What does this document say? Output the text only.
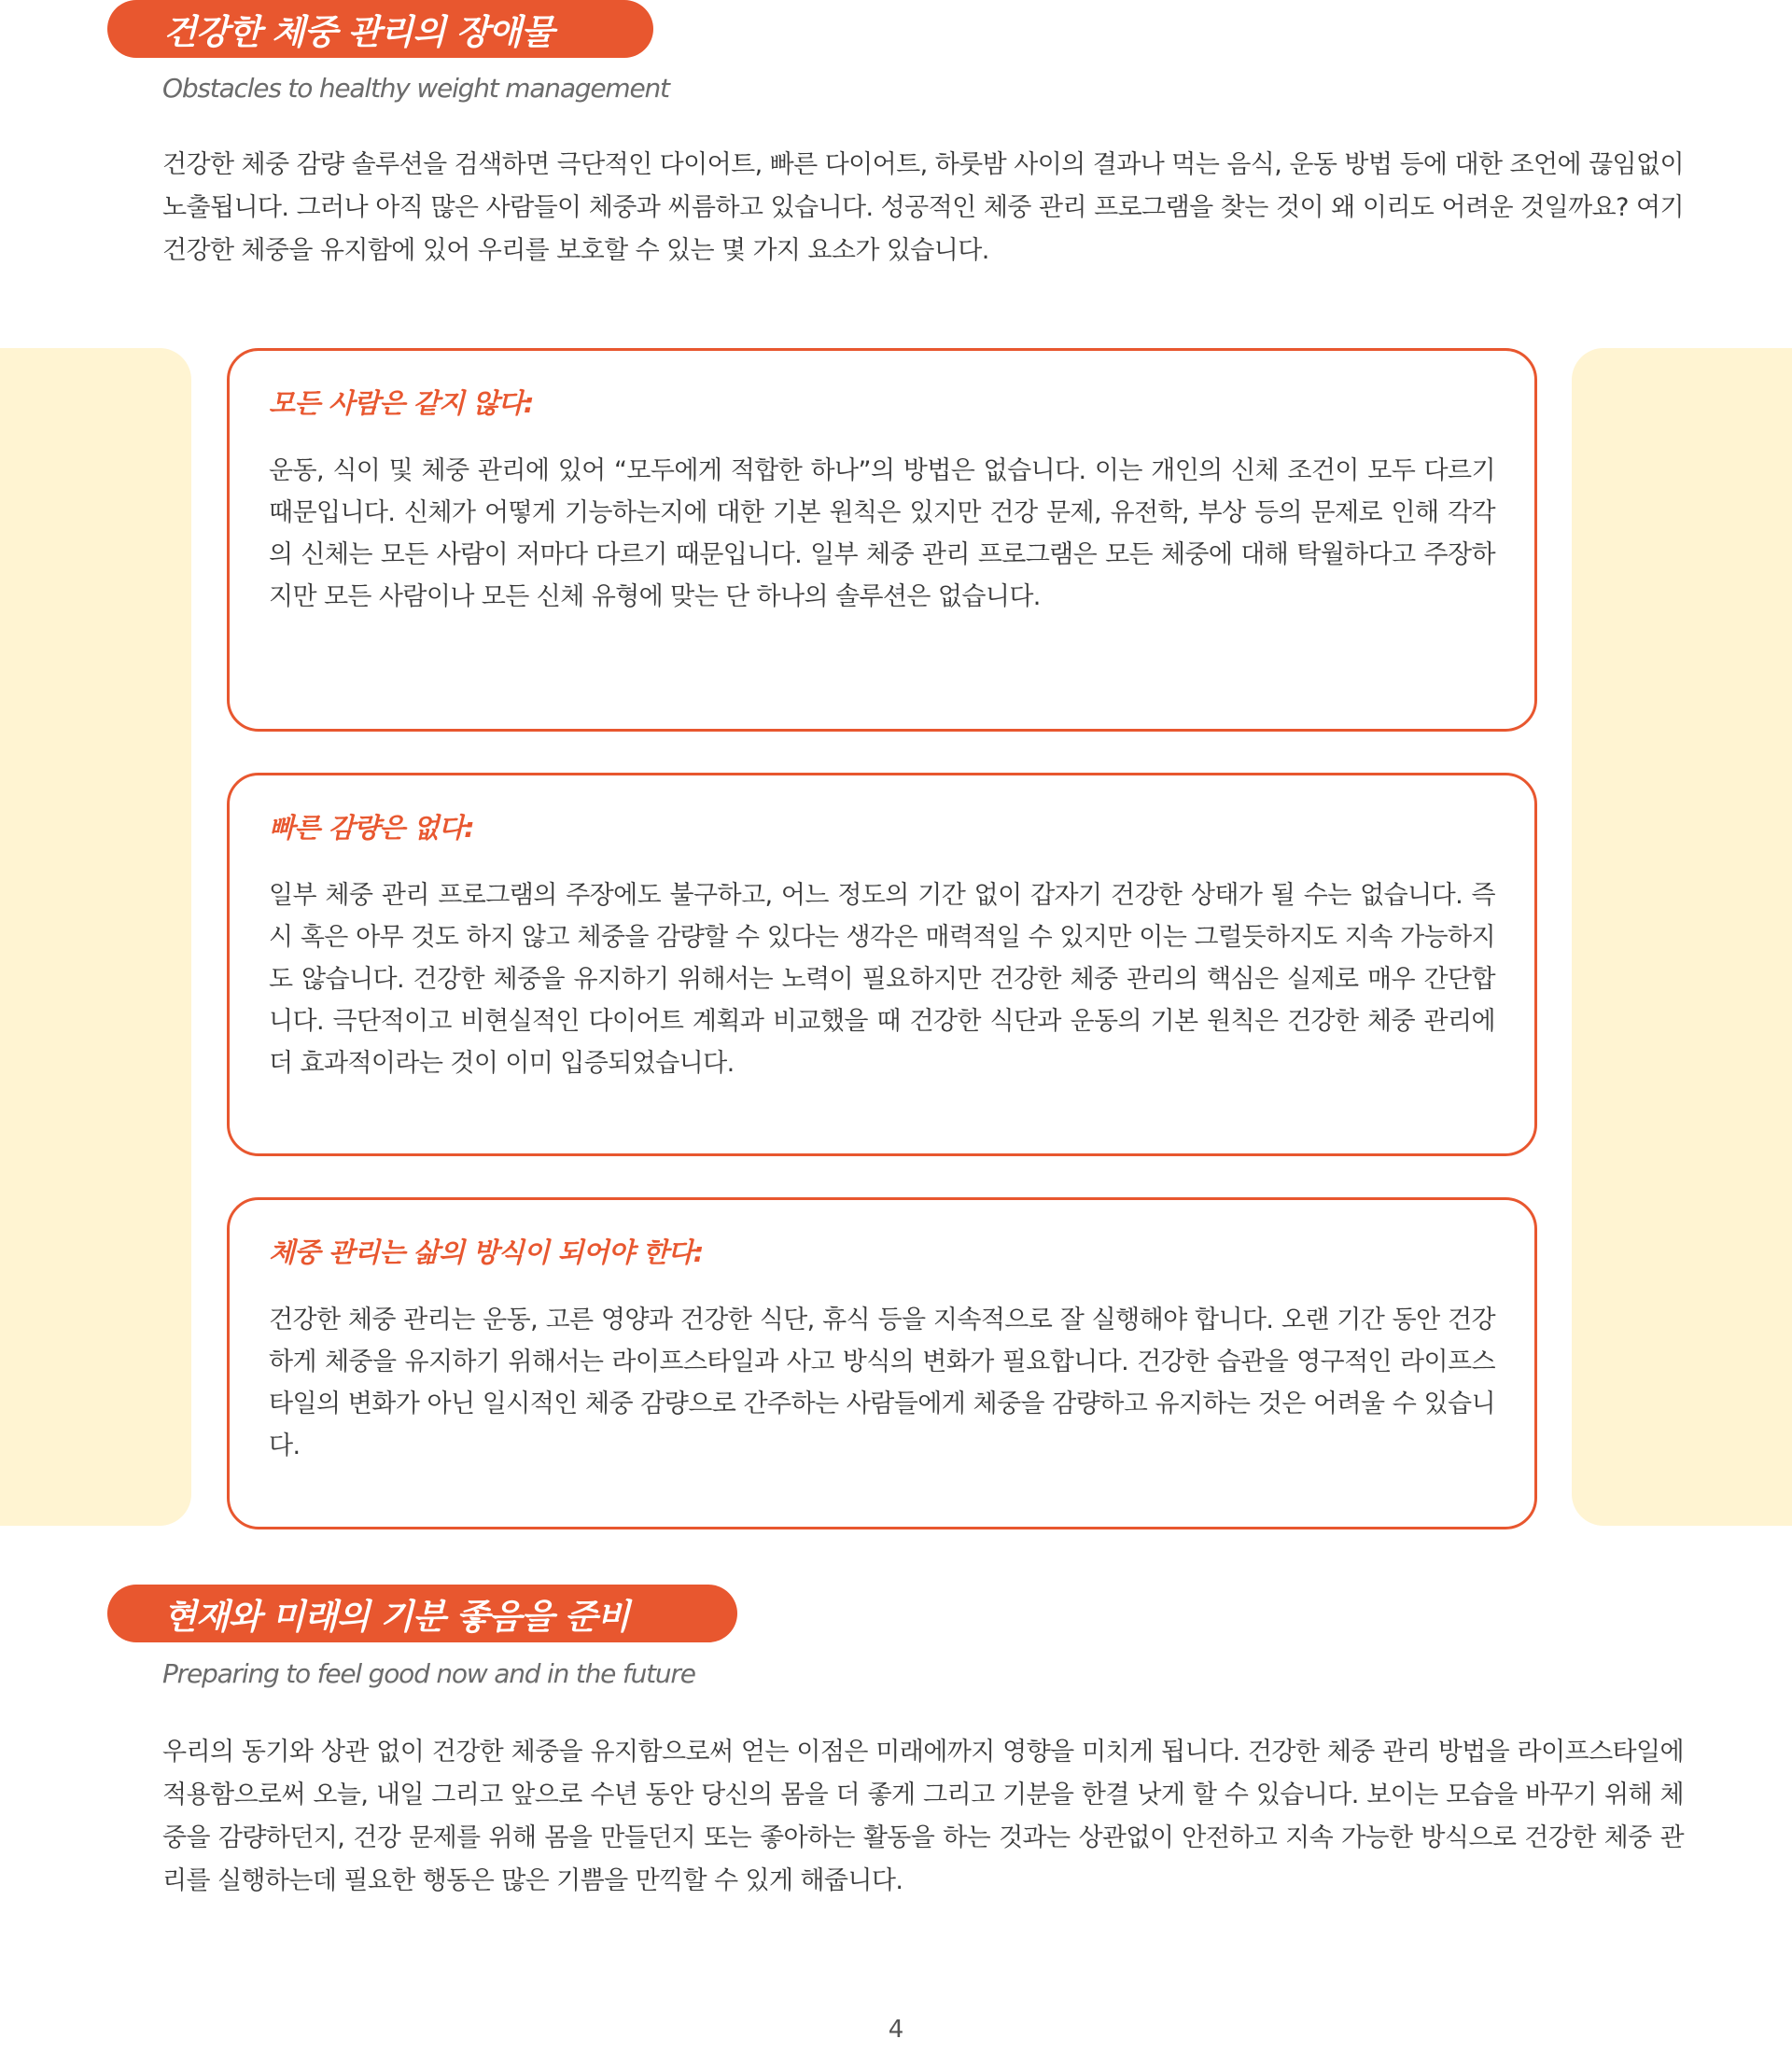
건강한 체중 관리의 장애물
Obstacles to healthy weight management

건강한 체중 감량 솔루션을 검색하면 극단적인 다이어트, 빠른 다이어트, 하룻밤 사이의 결과나 먹는 음식, 운동 방법 등에 대한 조언에 끊임없이 노출됩니다. 그러나 아직 많은 사람들이 체중과 씨름하고 있습니다. 성공적인 체중 관리 프로그램을 찾는 것이 왜 이리도 어려운 것일까요? 여기 건강한 체중을 유지함에 있어 우리를 보호할 수 있는 몇 가지 요소가 있습니다.

모든 사람은 같지 않다:

운동, 식이 및 체중 관리에 있어 “모두에게 적합한 하나”의 방법은 없습니다. 이는 개인의 신체 조건이 모두 다르기 때문입니다. 신체가 어떻게 기능하는지에 대한 기본 원칙은 있지만 건강 문제, 유전학, 부상 등의 문제로 인해 각각의 신체는 모든 사람이 저마다 다르기 때문입니다. 일부 체중 관리 프로그램은 모든 체중에 대해 탁월하다고 주장하지만 모든 사람이나 모든 신체 유형에 맞는 단 하나의 솔루션은 없습니다.

빠른 감량은 없다:

일부 체중 관리 프로그램의 주장에도 불구하고, 어느 정도의 기간 없이 갑자기 건강한 상태가 될 수는 없습니다. 즉시 혹은 아무 것도 하지 않고 체중을 감량할 수 있다는 생각은 매력적일 수 있지만 이는 그럴듯하지도 지속 가능하지도 않습니다. 건강한 체중을 유지하기 위해서는 노력이 필요하지만 건강한 체중 관리의 핵심은 실제로 매우 간단합니다. 극단적이고 비현실적인 다이어트 계획과 비교했을 때 건강한 식단과 운동의 기본 원칙은 건강한 체중 관리에 더 효과적이라는 것이 이미 입증되었습니다.

체중 관리는 삶의 방식이 되어야 한다:

건강한 체중 관리는 운동, 고른 영양과 건강한 식단, 휴식 등을 지속적으로 잘 실행해야 합니다. 오랜 기간 동안 건강하게 체중을 유지하기 위해서는 라이프스타일과 사고 방식의 변화가 필요합니다. 건강한 습관을 영구적인 라이프스타일의 변화가 아닌 일시적인 체중 감량으로 간주하는 사람들에게 체중을 감량하고 유지하는 것은 어려울 수 있습니다.

현재와 미래의 기분 좋음을 준비
Preparing to feel good now and in the future

우리의 동기와 상관 없이 건강한 체중을 유지함으로써 얻는 이점은 미래에까지 영향을 미치게 됩니다. 건강한 체중 관리 방법을 라이프스타일에 적용함으로써 오늘, 내일 그리고 앞으로 수년 동안 당신의 몸을 더 좋게 그리고 기분을 한결 낫게 할 수 있습니다. 보이는 모습을 바꾸기 위해 체중을 감량하던지, 건강 문제를 위해 몸을 만들던지 또는 좋아하는 활동을 하는 것과는 상관없이 안전하고 지속 가능한 방식으로 건강한 체중 관리를 실행하는데 필요한 행동은 많은 기쁨을 만끽할 수 있게 해줍니다.

4
